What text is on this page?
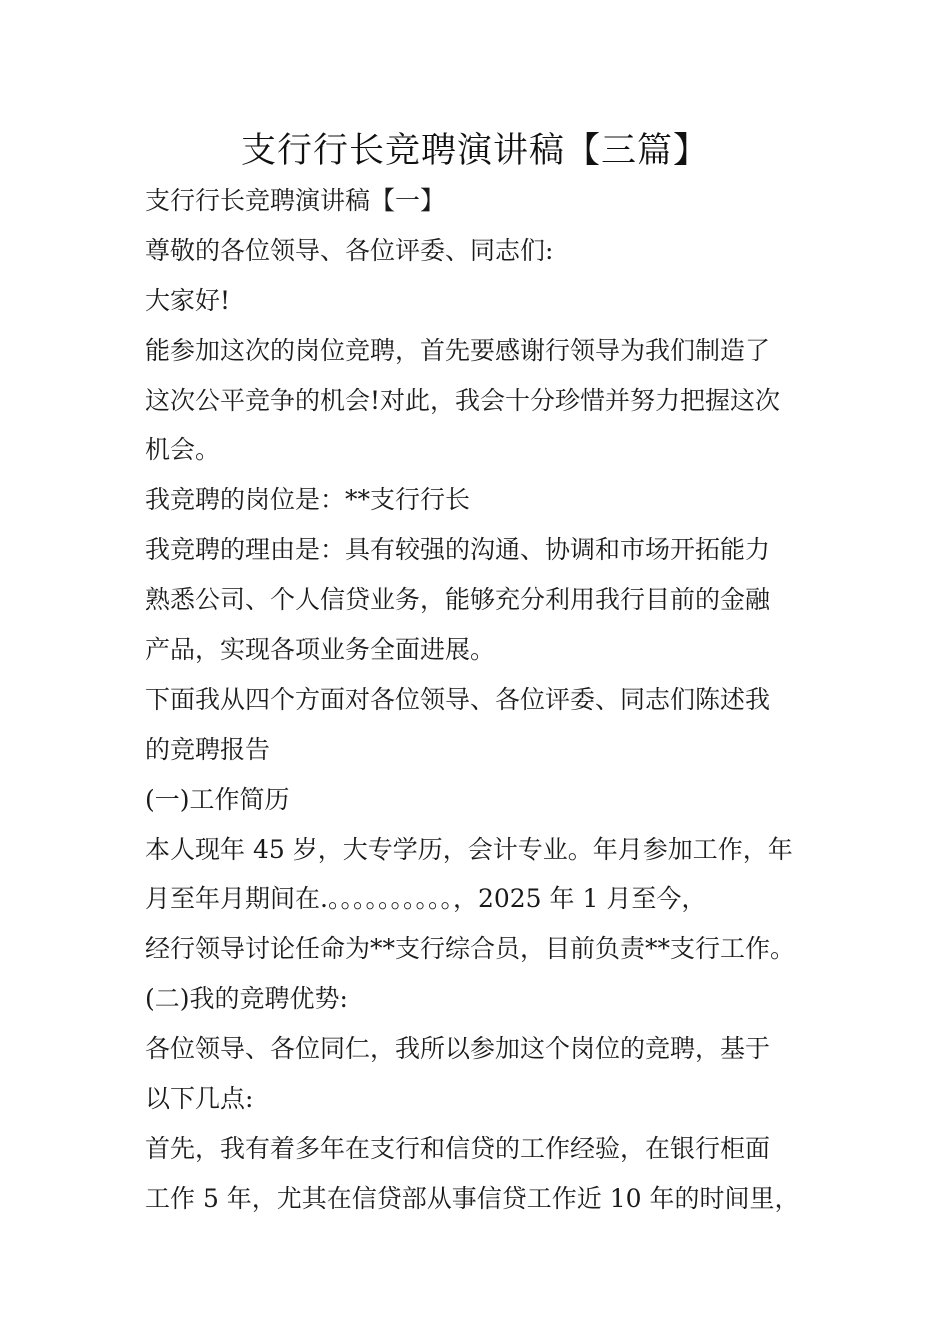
支行行长竞聘演讲稿【三篇】
支行行长竞聘演讲稿【一】
尊敬的各位领导、各位评委、同志们:
大家好!
能参加这次的岗位竞聘，首先要感谢行领导为我们制造了
这次公平竞争的机会!对此，我会十分珍惜并努力把握这次
机会。
我竞聘的岗位是：**支行行长
我竞聘的理由是：具有较强的沟通、协调和市场开拓能力
熟悉公司、个人信贷业务，能够充分利用我行目前的金融
产品，实现各项业务全面进展。
下面我从四个方面对各位领导、各位评委、同志们陈述我
的竞聘报告
(一)工作简历
本人现年 45 岁，大专学历，会计专业。年月参加工作，年
月至年月期间在.。。。。。。。。。。，2025 年 1 月至今，
经行领导讨论任命为**支行综合员，目前负责**支行工作。
(二)我的竞聘优势:
各位领导、各位同仁，我所以参加这个岗位的竞聘，基于
以下几点:
首先，我有着多年在支行和信贷的工作经验，在银行柜面
工作 5 年，尤其在信贷部从事信贷工作近 10 年的时间里，
